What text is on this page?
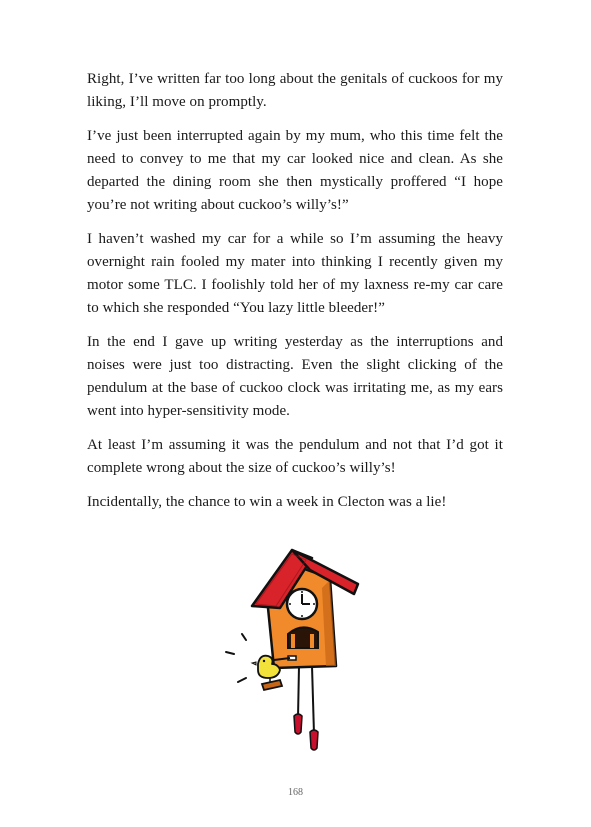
Right, I’ve written far too long about the genitals of cuckoos for my liking, I’ll move on promptly.

I’ve just been interrupted again by my mum, who this time felt the need to convey to me that my car looked nice and clean. As she departed the dining room she then mystically proffered “I hope you’re not writing about cuckoo’s willy’s!”

I haven’t washed my car for a while so I’m assuming the heavy overnight rain fooled my mater into thinking I recently given my motor some TLC. I foolishly told her of my laxness re-my car care to which she responded “You lazy little bleeder!”

In the end I gave up writing yesterday as the interruptions and noises were just too distracting. Even the slight clicking of the pendulum at the base of cuckoo clock was irritating me, as my ears went into hyper-sensitivity mode.

At least I’m assuming it was the pendulum and not that I’d got it complete wrong about the size of cuckoo’s willy’s!

Incidentally, the chance to win a week in Clecton was a lie!

168
